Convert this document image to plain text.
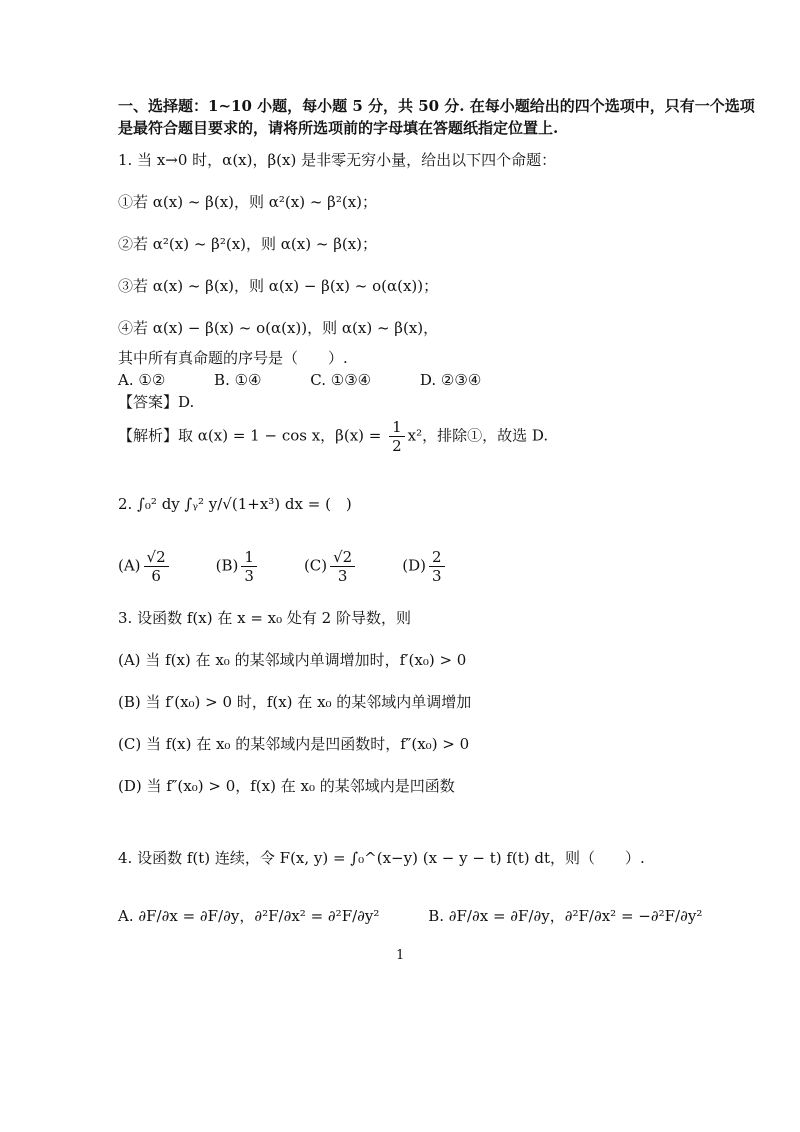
一、选择题：1~10 小题，每小题 5 分，共 50 分. 在每小题给出的四个选项中，只有一个选项
是最符合题目要求的，请将所选项前的字母填在答题纸指定位置上.
1. 当 x→0 时，α(x)，β(x) 是非零无穷小量，给出以下四个命题：
①若 α(x) ~ β(x)，则 α²(x) ~ β²(x)；
②若 α²(x) ~ β²(x)，则 α(x) ~ β(x)；
③若 α(x) ~ β(x)，则 α(x) − β(x) ~ o(α(x))；
④若 α(x) − β(x) ~ o(α(x))，则 α(x) ~ β(x)，
其中所有真命题的序号是（　　）.
A. ①②	B. ①④	C. ①③④	D. ②③④
【答案】D.
【解析】取 α(x) = 1 − cos x，$\beta(x) = \frac{1}{2} x^2$，排除①，故选 D.
2. ∫₀² dy ∫ᵧ² y/√(1+x³) dx = (　)
$(A) \frac{√2}{6}$	$(B) \frac{1}{3}$	$(C) \frac{√2}{3}$	$(D) \frac{2}{3}$
3. 设函数 f(x) 在 x = x₀ 处有 2 阶导数，则
(A) 当 f(x) 在 x₀ 的某邻域内单调增加时，f′(x₀) > 0
(B) 当 f′(x₀) > 0 时，f(x) 在 x₀ 的某邻域内单调增加
(C) 当 f(x) 在 x₀ 的某邻域内是凹函数时，f″(x₀) > 0
(D) 当 f″(x₀) > 0，f(x) 在 x₀ 的某邻域内是凹函数
4. 设函数 f(t) 连续，令 F(x, y) = ∫₀^(x−y) (x − y − t) f(t) dt，则（　　）.
A. ∂F/∂x = ∂F/∂y，∂²F/∂x² = ∂²F/∂y²	B. ∂F/∂x = ∂F/∂y，∂²F/∂x² = −∂²F/∂y²
1
